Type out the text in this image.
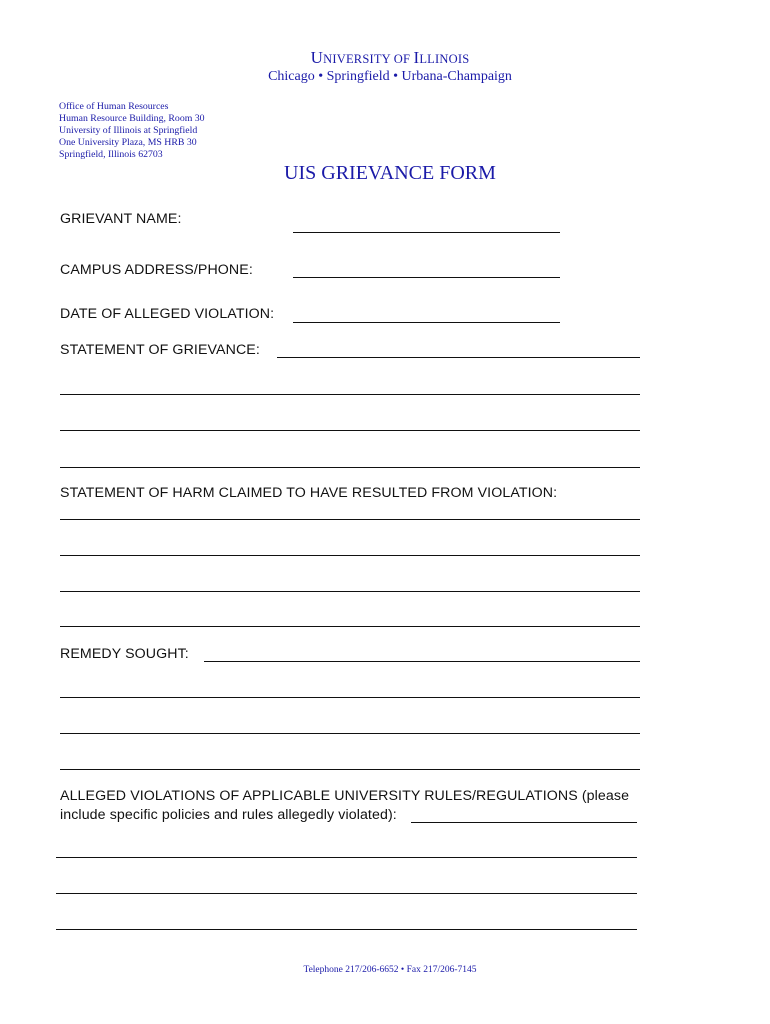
UNIVERSITY OF ILLINOIS
Chicago • Springfield • Urbana-Champaign
Office of Human Resources
Human Resource Building, Room 30
University of Illinois at Springfield
One University Plaza, MS HRB 30
Springfield, Illinois 62703
UIS GRIEVANCE FORM
GRIEVANT NAME:
CAMPUS ADDRESS/PHONE:
DATE OF ALLEGED VIOLATION:
STATEMENT OF GRIEVANCE:
STATEMENT OF HARM CLAIMED TO HAVE RESULTED FROM VIOLATION:
REMEDY SOUGHT:
ALLEGED VIOLATIONS OF APPLICABLE UNIVERSITY RULES/REGULATIONS (please
include specific policies and rules allegedly violated):
Telephone 217/206-6652 • Fax 217/206-7145
